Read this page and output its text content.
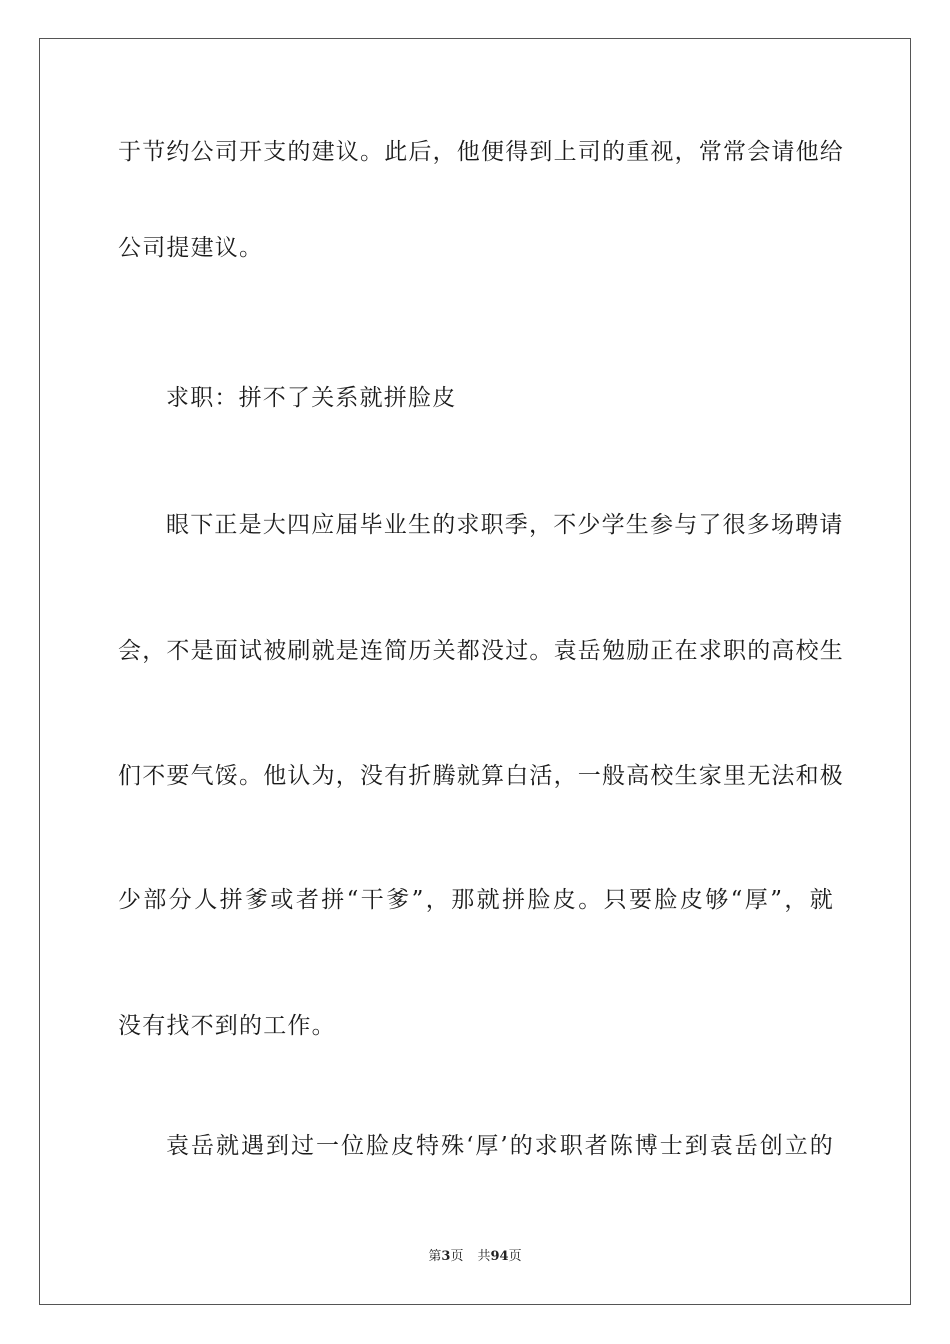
于节约公司开支的建议。此后，他便得到上司的重视，常常会请他给
公司提建议。
求职：拼不了关系就拼脸皮
眼下正是大四应届毕业生的求职季，不少学生参与了很多场聘请
会，不是面试被刷就是连简历关都没过。袁岳勉励正在求职的高校生
们不要气馁。他认为，没有折腾就算白活，一般高校生家里无法和极
少部分人拼爹或者拼“干爹”，那就拼脸皮。只要脸皮够“厚”，就
没有找不到的工作。
袁岳就遇到过一位脸皮特殊‘厚’的求职者陈博士到袁岳创立的
第3页 共94页
